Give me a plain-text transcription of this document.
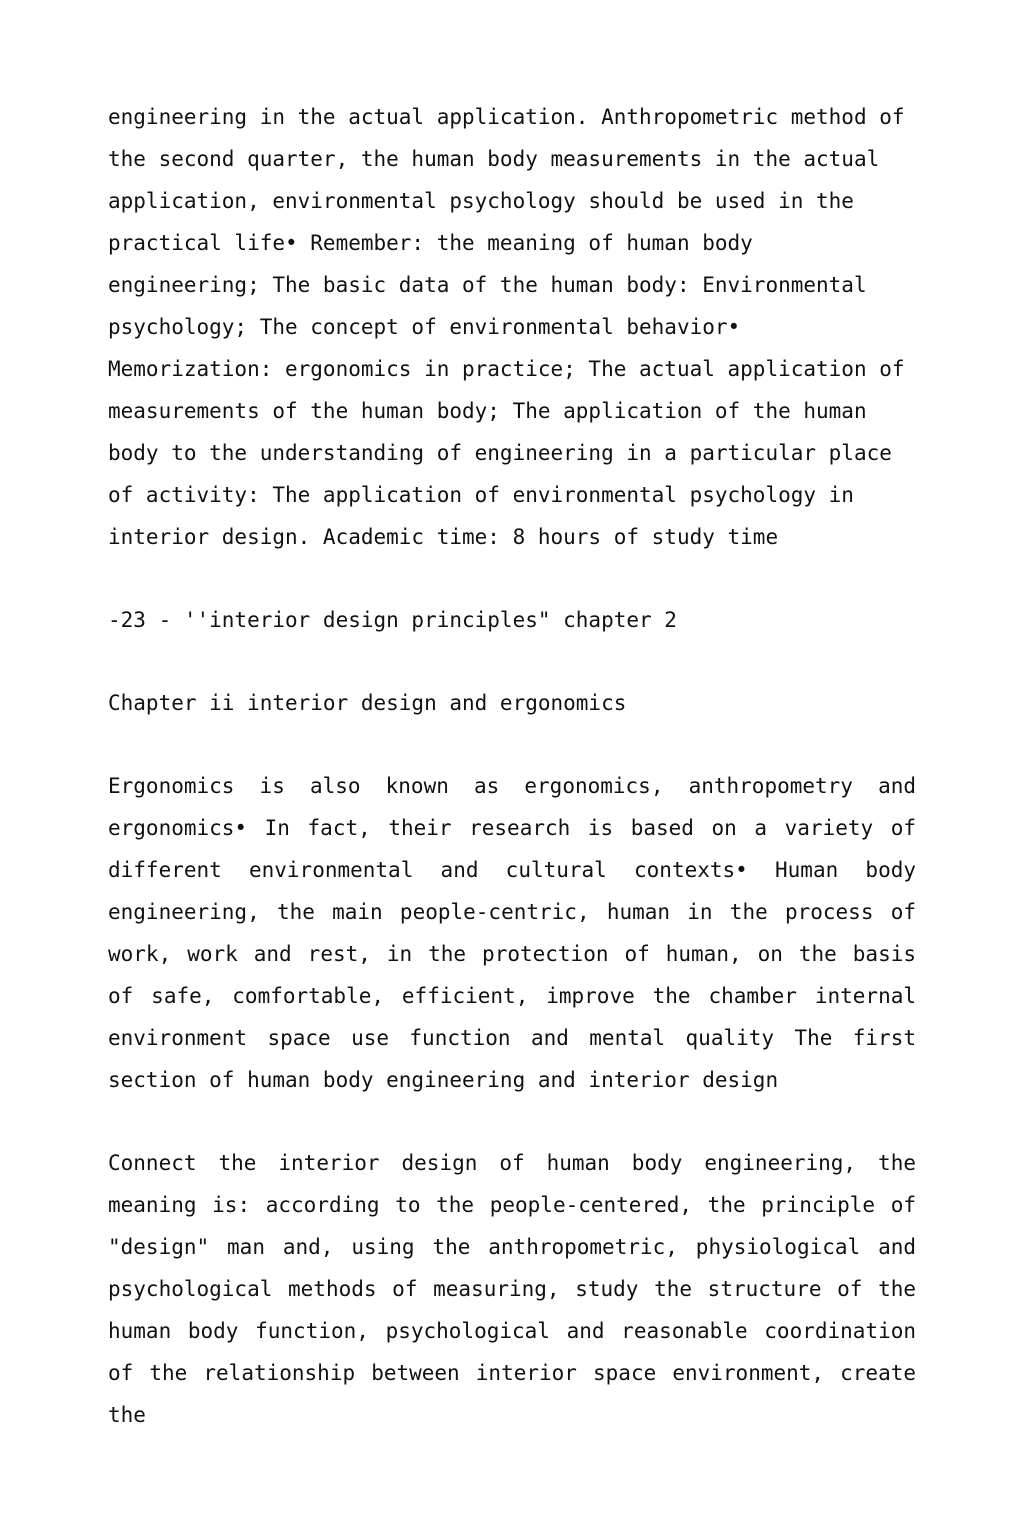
engineering in the actual application. Anthropometric method of the second quarter, the human body measurements in the actual application, environmental psychology should be used in the practical life• Remember: the meaning of human body engineering; The basic data of the human body: Environmental psychology; The concept of environmental behavior• Memorization: ergonomics in practice; The actual application of measurements of the human body; The application of the human body to the understanding of engineering in a particular place of activity: The application of environmental psychology in interior design. Academic time: 8 hours of study time

-23 - ''interior design principles" chapter 2

Chapter ii interior design and ergonomics

Ergonomics is also known as ergonomics, anthropometry and ergonomics• In fact, their research is based on a variety of different environmental and cultural contexts• Human body engineering, the main people-centric, human in the process of work, work and rest, in the protection of human, on the basis of safe, comfortable, efficient, improve the chamber internal environment space use function and mental quality The first section of human body engineering and interior design

Connect the interior design of human body engineering, the meaning is: according to the people-centered, the principle of "design" man and, using the anthropometric, physiological and psychological methods of measuring, study the structure of the human body function, psychological and reasonable coordination of the relationship between interior space environment, create the
